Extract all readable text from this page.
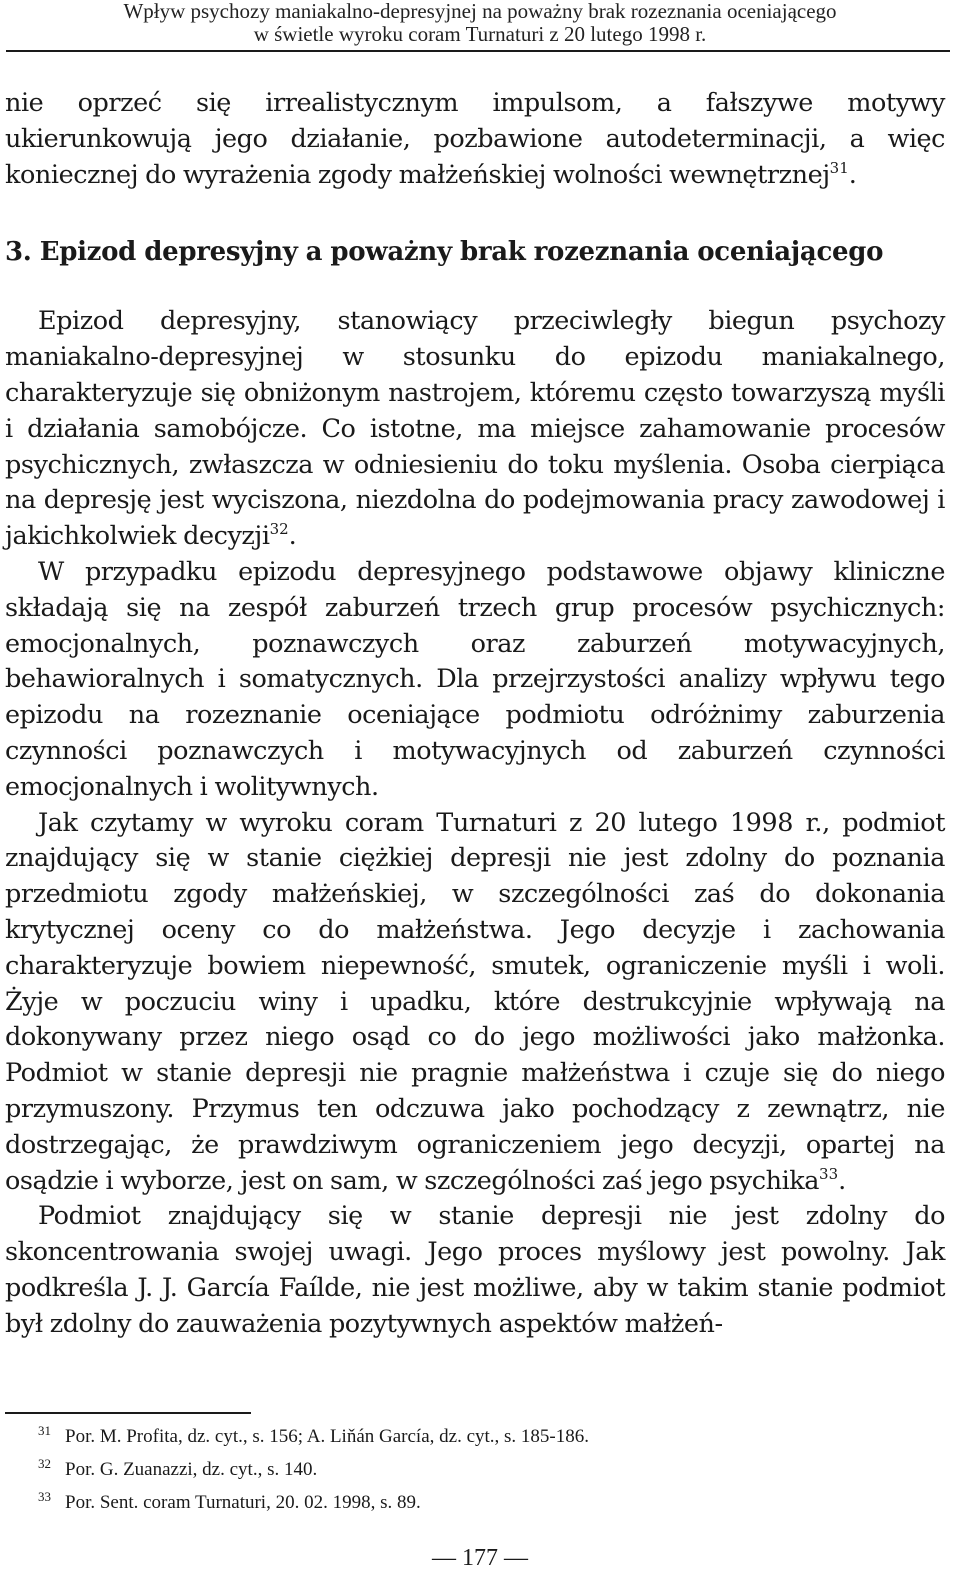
Wpływ psychozy maniakalno-depresyjnej na poważny brak rozeznania oceniającego
w świetle wyroku coram Turnaturi z 20 lutego 1998 r.

nie oprzeć się irrealistycznym impulsom, a fałszywe motywy ukierunkowują jego działanie, pozbawione autodeterminacji, a więc koniecznej do wyrażenia zgody małżeńskiej wolności wewnętrznej$^{31}$.

3. Epizod depresyjny a poważny brak rozeznania oceniającego

Epizod depresyjny, stanowiący przeciwległy biegun psychozy maniakalno-depresyjnej w stosunku do epizodu maniakalnego, charakteryzuje się obniżonym nastrojem, któremu często towarzyszą myśli i działania samobójcze. Co istotne, ma miejsce zahamowanie procesów psychicznych, zwłaszcza w odniesieniu do toku myślenia. Osoba cierpiąca na depresję jest wyciszona, niezdolna do podejmowania pracy zawodowej i jakichkolwiek decyzji$^{32}$.

W przypadku epizodu depresyjnego podstawowe objawy kliniczne składają się na zespół zaburzeń trzech grup procesów psychicznych: emocjonalnych, poznawczych oraz zaburzeń motywacyjnych, behawioralnych i somatycznych. Dla przejrzystości analizy wpływu tego epizodu na rozeznanie oceniające podmiotu odróżnimy zaburzenia czynności poznawczych i motywacyjnych od zaburzeń czynności emocjonalnych i wolitywnych.

Jak czytamy w wyroku coram Turnaturi z 20 lutego 1998 r., podmiot znajdujący się w stanie ciężkiej depresji nie jest zdolny do poznania przedmiotu zgody małżeńskiej, w szczególności zaś do dokonania krytycznej oceny co do małżeństwa. Jego decyzje i zachowania charakteryzuje bowiem niepewność, smutek, ograniczenie myśli i woli. Żyje w poczuciu winy i upadku, które destrukcyjnie wpływają na dokonywany przez niego osąd co do jego możliwości jako małżonka. Podmiot w stanie depresji nie pragnie małżeństwa i czuje się do niego przymuszony. Przymus ten odczuwa jako pochodzący z zewnątrz, nie dostrzegając, że prawdziwym ograniczeniem jego decyzji, opartej na osądzie i wyborze, jest on sam, w szczególności zaś jego psychika$^{33}$.

Podmiot znajdujący się w stanie depresji nie jest zdolny do skoncentrowania swojej uwagi. Jego proces myślowy jest powolny. Jak podkreśla J. J. García Faílde, nie jest możliwe, aby w takim stanie podmiot był zdolny do zauważenia pozytywnych aspektów małżeń-

31 Por. M. Profita, dz. cyt., s. 156; A. Liňán García, dz. cyt., s. 185-186.
32 Por. G. Zuanazzi, dz. cyt., s. 140.
33 Por. Sent. coram Turnaturi, 20. 02. 1998, s. 89.
— 177 —
